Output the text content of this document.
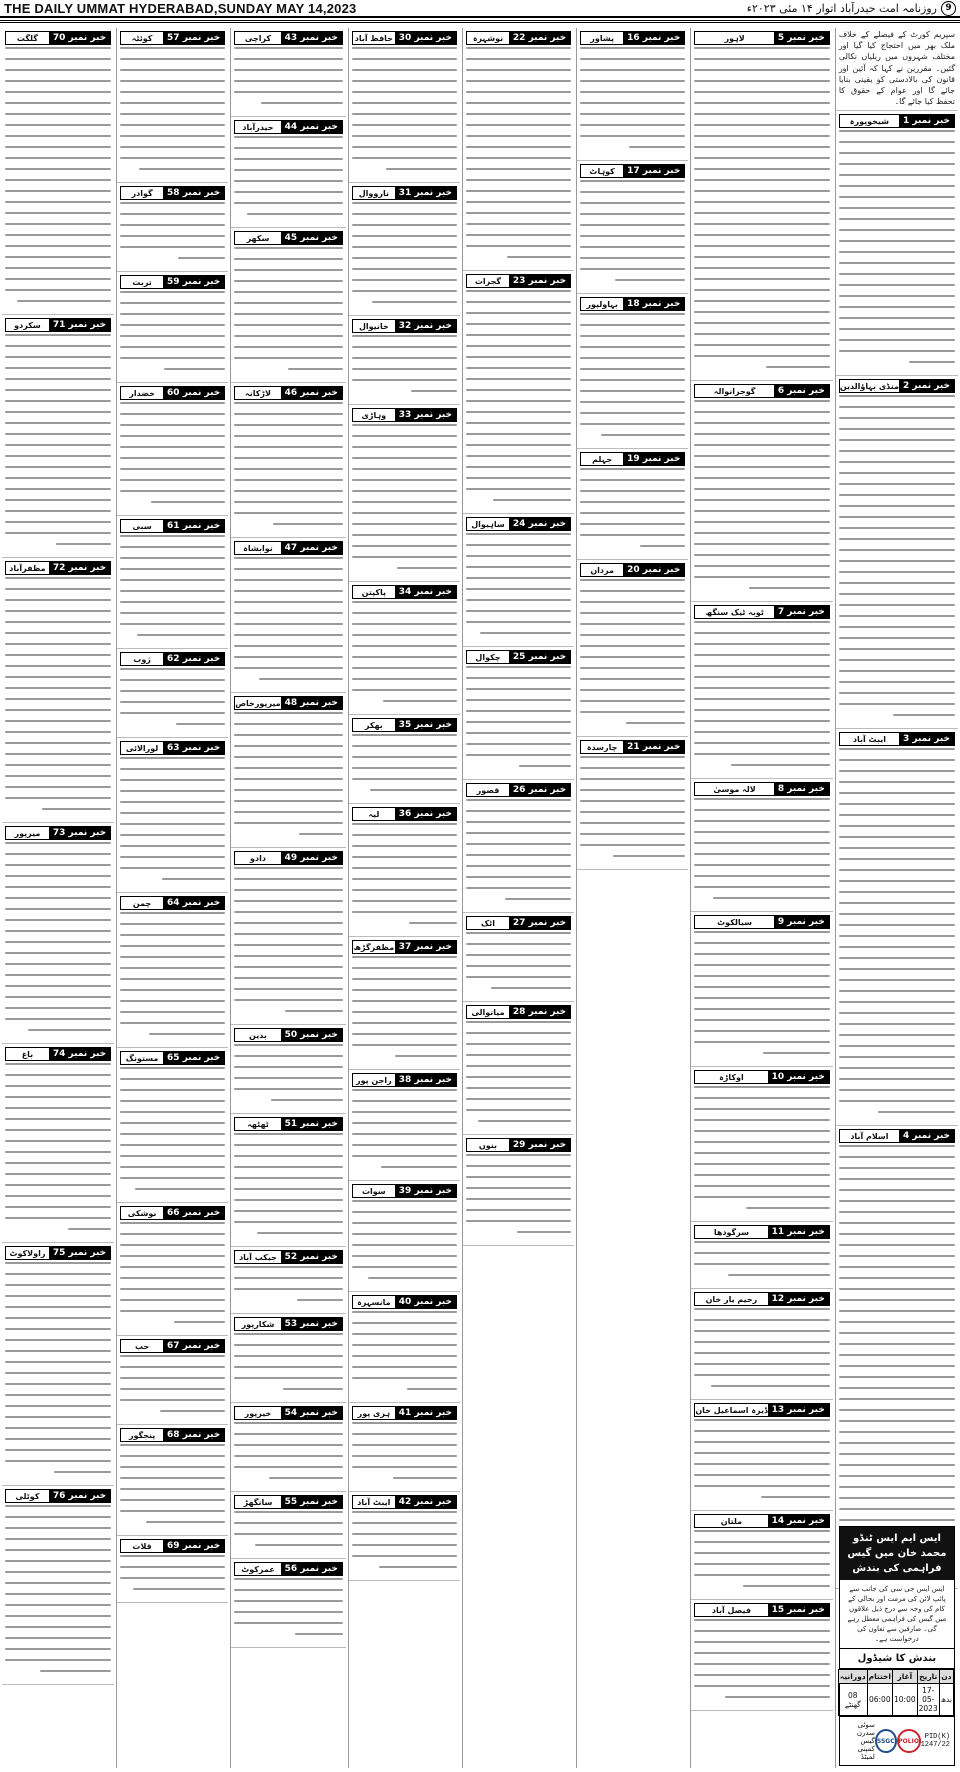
THE DAILY UMMAT HYDERABAD,SUNDAY MAY 14,2023	9
روزنامہ امت حیدرآباد اتوار ۱۴ مئی ۲۰۲۳ء
سپریم کورٹ کے فیصلے کے خلاف ملک بھر میں احتجاج کیا گیا اور مختلف شہروں میں ریلیاں نکالی گئیں۔ مقررین نے کہا کہ آئین اور قانون کی بالادستی کو یقینی بنایا جائے گا اور عوام کے حقوق کا تحفظ کیا جائے گا۔
خبر نمبر 1
شیخوپورہ
خبر نمبر 2
منڈی بہاؤالدین
خبر نمبر 3
ایبٹ آباد
خبر نمبر 4
اسلام آباد
ایس ایم ایس ٹنڈو محمد خان میں گیس فراہمی کی بندش
ایس ایس جی سی کی جانب سے پائپ لائن کی مرمت اور بحالی کے کام کی وجہ سے درج ذیل علاقوں میں گیس کی فراہمی معطل رہے گی۔ صارفین سے تعاون کی درخواست ہے۔
بندش کا شیڈول
دن	تاریخ	آغاز	اختتام	دورانیہ
بدھ	17-05-2023	10:00	06:00	08 گھنٹے
PID(K) 1247/22
POLIO
SSGC
سوئی سدرن گیس کمپنی لمیٹڈ
خبر نمبر 5
لاہور
خبر نمبر 6
گوجرانوالہ
خبر نمبر 7
ٹوبہ ٹیک سنگھ
خبر نمبر 8
لالہ موسیٰ
خبر نمبر 9
سیالکوٹ
خبر نمبر 10
اوکاڑہ
خبر نمبر 11
سرگودھا
خبر نمبر 12
رحیم یار خان
خبر نمبر 13
ڈیرہ اسماعیل خان
خبر نمبر 14
ملتان
خبر نمبر 15
فیصل آباد
خبر نمبر 16
پشاور
خبر نمبر 17
کوہاٹ
خبر نمبر 18
بہاولپور
خبر نمبر 19
جہلم
خبر نمبر 20
مردان
خبر نمبر 21
چارسدہ
خبر نمبر 22
نوشہرہ
خبر نمبر 23
گجرات
خبر نمبر 24
ساہیوال
خبر نمبر 25
چکوال
خبر نمبر 26
قصور
خبر نمبر 27
اٹک
خبر نمبر 28
میانوالی
خبر نمبر 29
بنوں
خبر نمبر 30
حافظ آباد
خبر نمبر 31
نارووال
خبر نمبر 32
خانیوال
خبر نمبر 33
وہاڑی
خبر نمبر 34
پاکپتن
خبر نمبر 35
بھکر
خبر نمبر 36
لیہ
خبر نمبر 37
مظفرگڑھ
خبر نمبر 38
راجن پور
خبر نمبر 39
سوات
خبر نمبر 40
مانسہرہ
خبر نمبر 41
ہری پور
خبر نمبر 42
ایبٹ آباد
خبر نمبر 43
کراچی
خبر نمبر 44
حیدرآباد
خبر نمبر 45
سکھر
خبر نمبر 46
لاڑکانہ
خبر نمبر 47
نوابشاہ
خبر نمبر 48
میرپورخاص
خبر نمبر 49
دادو
خبر نمبر 50
بدین
خبر نمبر 51
ٹھٹھہ
خبر نمبر 52
جیکب آباد
خبر نمبر 53
شکارپور
خبر نمبر 54
خیرپور
خبر نمبر 55
سانگھڑ
خبر نمبر 56
عمرکوٹ
خبر نمبر 57
کوئٹہ
خبر نمبر 58
گوادر
خبر نمبر 59
تربت
خبر نمبر 60
خضدار
خبر نمبر 61
سبی
خبر نمبر 62
ژوب
خبر نمبر 63
لورالائی
خبر نمبر 64
چمن
خبر نمبر 65
مستونگ
خبر نمبر 66
نوشکی
خبر نمبر 67
حب
خبر نمبر 68
پنجگور
خبر نمبر 69
قلات
خبر نمبر 70
گلگت
خبر نمبر 71
سکردو
خبر نمبر 72
مظفرآباد
خبر نمبر 73
میرپور
خبر نمبر 74
باغ
خبر نمبر 75
راولاکوٹ
خبر نمبر 76
کوٹلی
